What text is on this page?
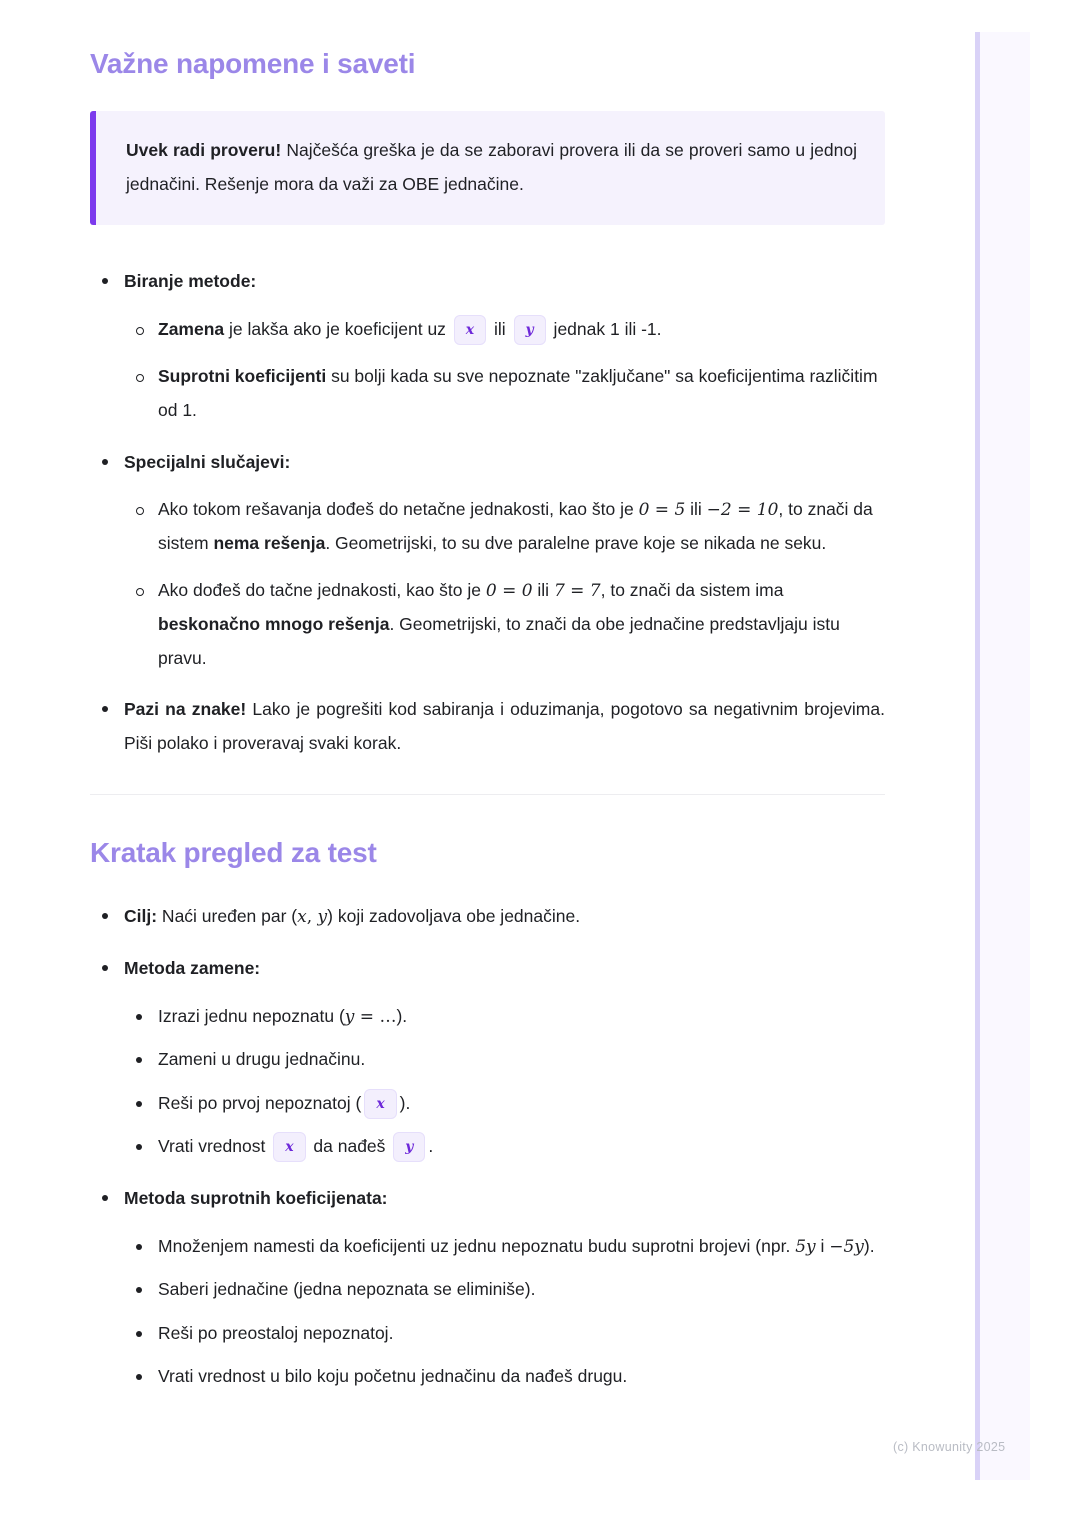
Važne napomene i saveti

Uvek radi proveru! Najčešća greška je da se zaboravi provera ili da se proveri samo u jednoj jednačini. Rešenje mora da važi za OBE jednačine.

Biranje metode:
Zamena je lakša ako je koeficijent uz x ili y jednak 1 ili -1.
Suprotni koeficijenti su bolji kada su sve nepoznate "zaključane" sa koeficijentima različitim od 1.
Specijalni slučajevi:
Ako tokom rešavanja dođeš do netačne jednakosti, kao što je 0 = 5 ili −2 = 10, to znači da sistem nema rešenja. Geometrijski, to su dve paralelne prave koje se nikada ne seku.
Ako dođeš do tačne jednakosti, kao što je 0 = 0 ili 7 = 7, to znači da sistem ima beskonačno mnogo rešenja. Geometrijski, to znači da obe jednačine predstavljaju istu pravu.
Pazi na znake! Lako je pogrešiti kod sabiranja i oduzimanja, pogotovo sa negativnim brojevima. Piši polako i proveravaj svaki korak.
Kratak pregled za test
Cilj: Naći uređen par (x, y) koji zadovoljava obe jednačine.
Metoda zamene:
Izrazi jednu nepoznatu (y = …).
Zameni u drugu jednačinu.
Reši po prvoj nepoznatoj ( x ).
Vrati vrednost x da nađeš y .
Metoda suprotnih koeficijenata:
Množenjem namesti da koeficijenti uz jednu nepoznatu budu suprotni brojevi (npr. 5y i −5y).
Saberi jednačine (jedna nepoznata se eliminiše).
Reši po preostaloj nepoznatoj.
Vrati vrednost u bilo koju početnu jednačinu da nađeš drugu.
(c) Knowunity 2025
